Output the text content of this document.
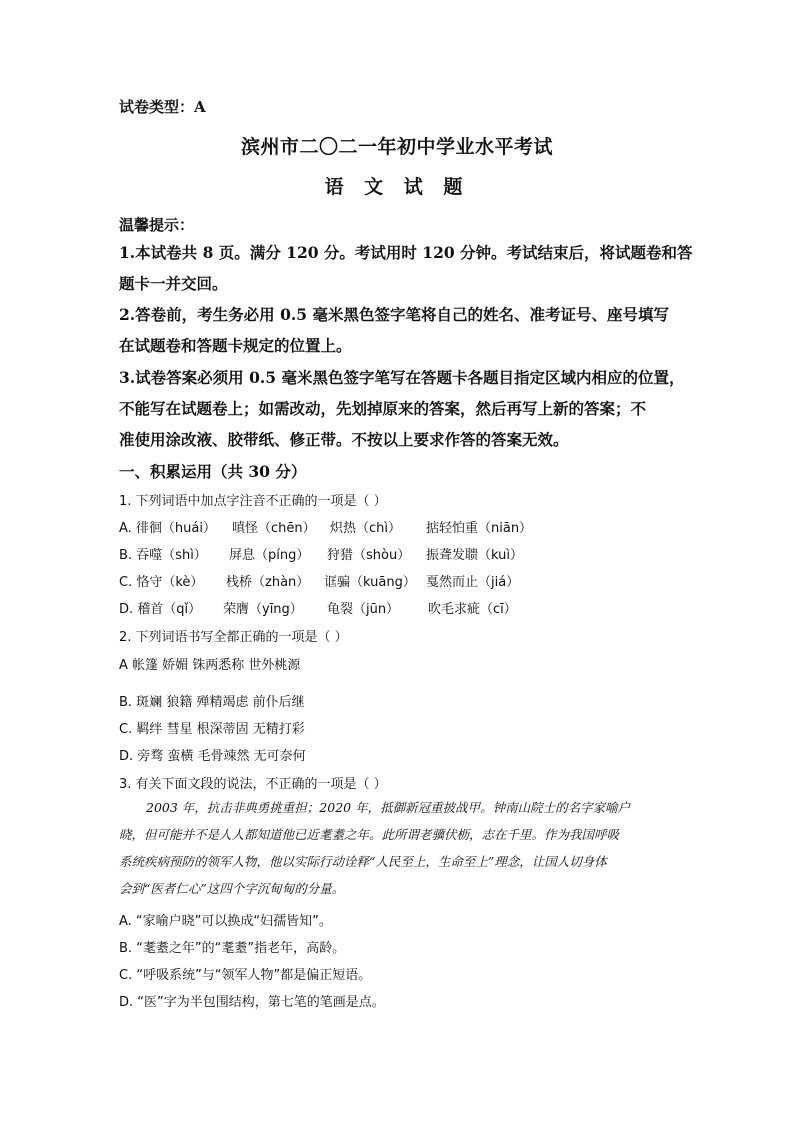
试卷类型：A
滨州市二〇二一年初中学业水平考试
语 文 试 题
温馨提示：
1.本试卷共 8 页。满分 120 分。考试用时 120 分钟。考试结束后，将试题卷和答
题卡一并交回。
2.答卷前，考生务必用 0.5 毫米黑色签字笔将自己的姓名、准考证号、座号填写
在试题卷和答题卡规定的位置上。
3.试卷答案必须用 0.5 毫米黑色签字笔写在答题卡各题目指定区域内相应的位置，
不能写在试题卷上；如需改动，先划掉原来的答案，然后再写上新的答案；不
准使用涂改液、胶带纸、修正带。不按以上要求作答的答案无效。
一、积累运用（共 30 分）
1. 下列词语中加点字注音不正确的一项是（ ）
A. 徘徊（huái） 嗔怪（chēn） 炽热（chì） 掂轻怕重（niān）
B. 吞噬（shì） 屏息（píng） 狩猎（shòu） 振聋发聩（kuì）
C. 恪守（kè） 栈桥（zhàn） 诓骗（kuāng） 戛然而止（jiá）
D. 稽首（qǐ） 荣膺（yīng） 龟裂（jūn） 吹毛求疵（cī）
2. 下列词语书写全都正确的一项是（ ）
A 帐篷 娇媚 铢两悉称 世外桃源
B. 斑斓 狼籍 殚精竭虑 前仆后继
C. 羁绊 彗星 根深蒂固 无精打彩
D. 旁骛 蛮横 毛骨竦然 无可奈何
3. 有关下面文段的说法，不正确的一项是（ ）
2003 年，抗击非典勇挑重担；2020 年，抵御新冠重披战甲。钟南山院士的名字家喻户
晓，但可能并不是人人都知道他已近耄耋之年。此所谓老骥伏枥，志在千里。作为我国呼吸
系统疾病预防的领军人物，他以实际行动诠释“人民至上，生命至上”理念，让国人切身体
会到“医者仁心”这四个字沉甸甸的分量。
A. “家喻户晓”可以换成“妇孺皆知”。
B. “耄耋之年”的“耄耋”指老年，高龄。
C. “呼吸系统”与“领军人物”都是偏正短语。
D. “医”字为半包围结构，第七笔的笔画是点。
